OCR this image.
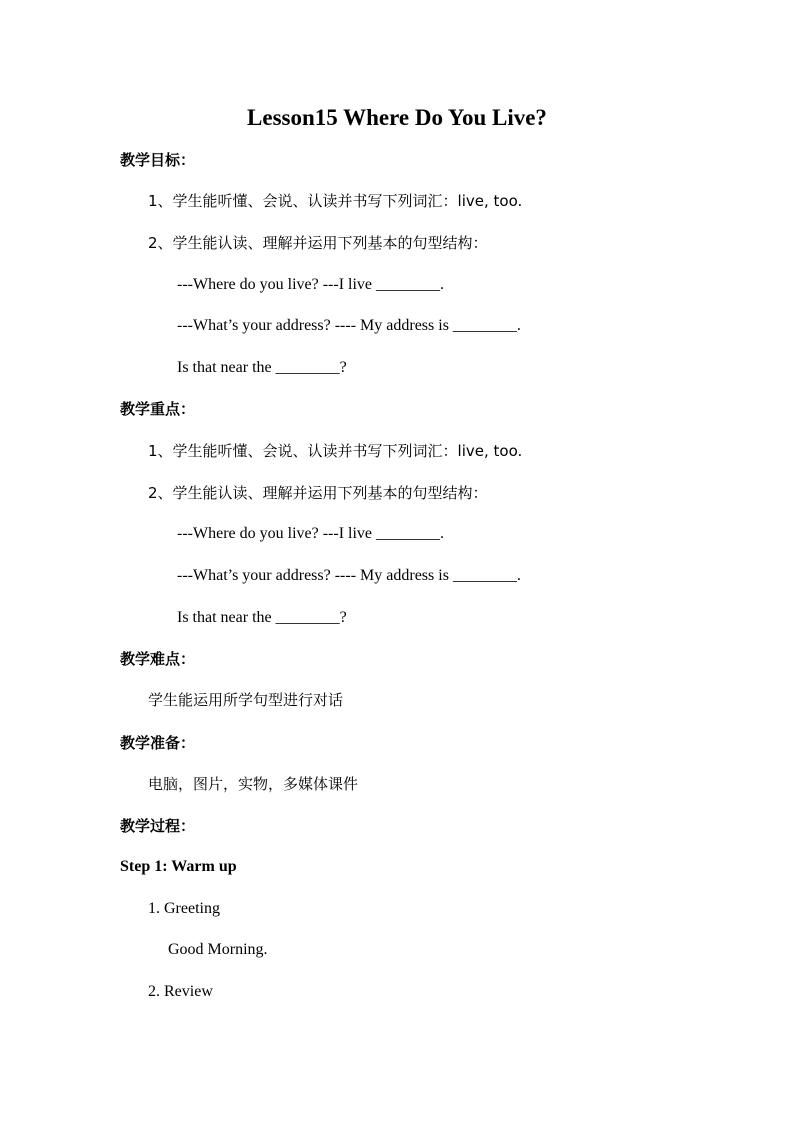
Lesson15 Where Do You Live?
教学目标：
1、学生能听懂、会说、认读并书写下列词汇：live, too.
2、学生能认读、理解并运用下列基本的句型结构：
---Where do you live? ---I live ________.
---What’s your address? ---- My address is ________.
Is that near the ________?
教学重点：
1、学生能听懂、会说、认读并书写下列词汇：live, too.
2、学生能认读、理解并运用下列基本的句型结构：
---Where do you live? ---I live ________.
---What’s your address? ---- My address is ________.
Is that near the ________?
教学难点：
学生能运用所学句型进行对话
教学准备：
电脑，图片，实物，多媒体课件
教学过程：
Step 1: Warm up
1. Greeting
Good Morning.
2. Review
